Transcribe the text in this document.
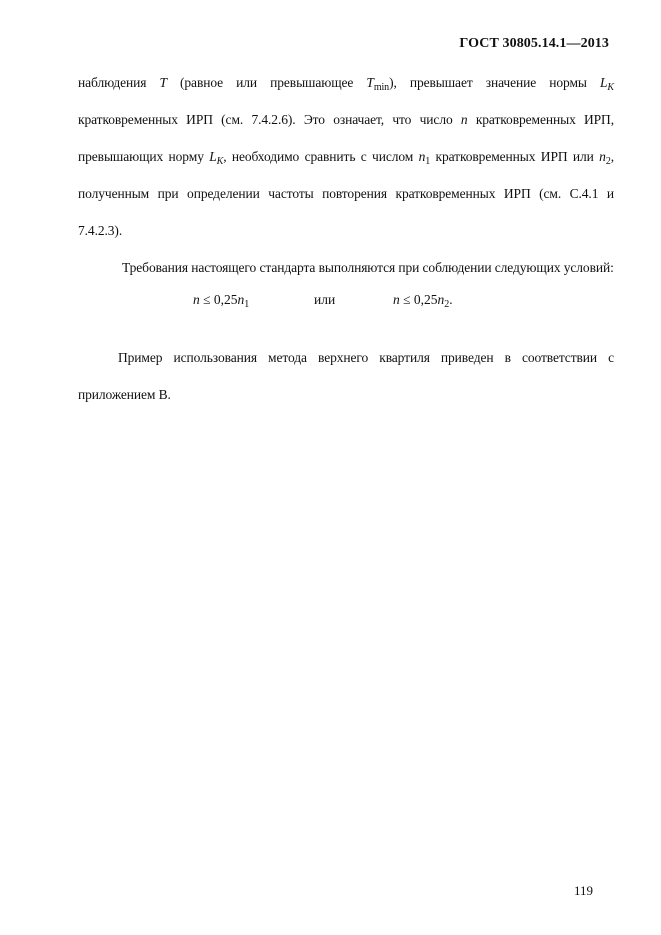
ГОСТ 30805.14.1—2013

наблюдения T (равное или превышающее $T_{min}$), превышает значение нормы $L_K$ кратковременных ИРП (см. 7.4.2.6). Это означает, что число n кратковременных ИРП, превышающих норму $L_K$, необходимо сравнить с числом $n_1$ кратковременных ИРП или $n_2$, полученным при определении частоты повторения кратковременных ИРП (см. С.4.1 и 7.4.2.3).

Требования настоящего стандарта выполняются при соблюдении следующих условий:

$n \le 0,25n_1$	или	$n \le 0,25n_2$.

Пример использования метода верхнего квартиля приведен в соответствии с приложением В.

119
